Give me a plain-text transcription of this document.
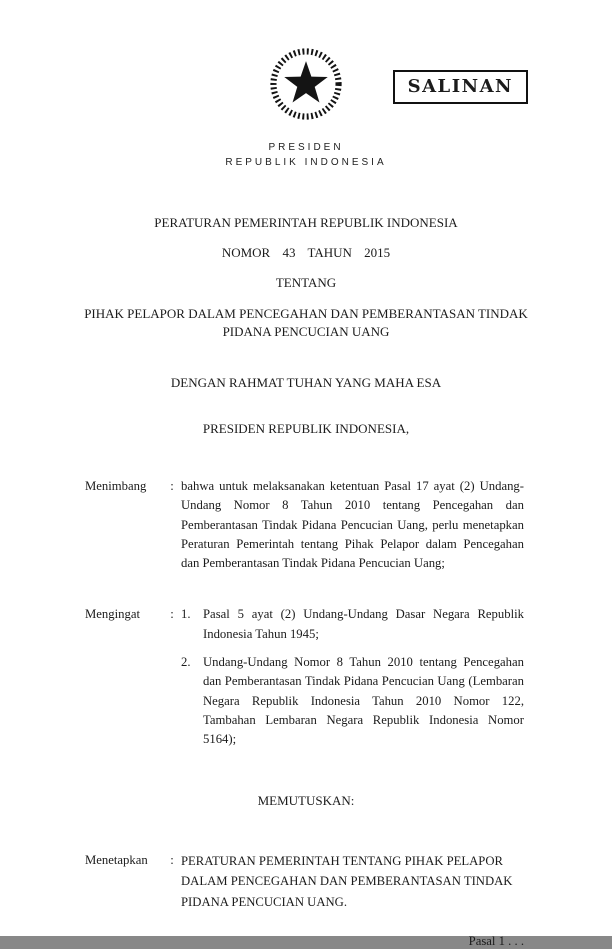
SALINAN
PRESIDEN
REPUBLIK INDONESIA
PERATURAN PEMERINTAH REPUBLIK INDONESIA
NOMOR 43 TAHUN 2015
TENTANG
PIHAK PELAPOR DALAM PENCEGAHAN DAN PEMBERANTASAN TINDAK PIDANA PENCUCIAN UANG
DENGAN RAHMAT TUHAN YANG MAHA ESA
PRESIDEN REPUBLIK INDONESIA,
Menimbang	: bahwa untuk melaksanakan ketentuan Pasal 17 ayat (2) Undang-Undang Nomor 8 Tahun 2010 tentang Pencegahan dan Pemberantasan Tindak Pidana Pencucian Uang, perlu menetapkan Peraturan Pemerintah tentang Pihak Pelapor dalam Pencegahan dan Pemberantasan Tindak Pidana Pencucian Uang;
Mengingat	: 1. Pasal 5 ayat (2) Undang-Undang Dasar Negara Republik Indonesia Tahun 1945;
2. Undang-Undang Nomor 8 Tahun 2010 tentang Pencegahan dan Pemberantasan Tindak Pidana Pencucian Uang (Lembaran Negara Republik Indonesia Tahun 2010 Nomor 122, Tambahan Lembaran Negara Republik Indonesia Nomor 5164);
MEMUTUSKAN:
Menetapkan	: PERATURAN PEMERINTAH TENTANG PIHAK PELAPOR DALAM PENCEGAHAN DAN PEMBERANTASAN TINDAK PIDANA PENCUCIAN UANG.
Pasal 1 . . .
